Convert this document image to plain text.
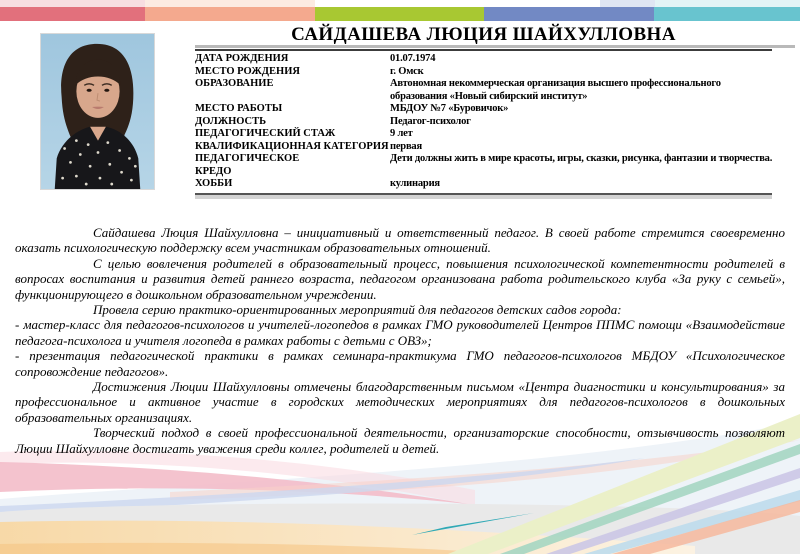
САЙДАШЕВА ЛЮЦИЯ ШАЙХУЛЛОВНА
ДАТА РОЖДЕНИЯ	01.07.1974
МЕСТО РОЖДЕНИЯ	г. Омск
ОБРАЗОВАНИЕ	Автономная некоммерческая организация высшего профессионального
образования «Новый сибирский институт»
МЕСТО РАБОТЫ	МБДОУ №7 «Буровичок»
ДОЛЖНОСТЬ	Педагог-психолог
ПЕДАГОГИЧЕСКИЙ СТАЖ	9 лет
КВАЛИФИКАЦИОННАЯ КАТЕГОРИЯ первая
ПЕДАГОГИЧЕСКОЕ	Дети должны жить в мире красоты, игры, сказки, рисунка, фантазии и творчества.
КРЕДО
ХОББИ	кулинария

Сайдашева Люция Шайхулловна – инициативный и ответственный педагог. В своей работе стремится своевременно оказать психологическую поддержку всем участникам образовательных отношений.

С целью вовлечения родителей в образовательный процесс, повышения психологической компетентности родителей в вопросах воспитания и развития детей раннего возраста, педагогом организована работа родительского клуба «За руку с семьей», функционирующего в дошкольном образовательном учреждении.

Провела серию практико-ориентированных мероприятий для педагогов детских садов города:

- мастер-класс для педагогов-психологов и учителей-логопедов в рамках ГМО руководителей Центров ППМС помощи «Взаимодействие педагога-психолога и учителя логопеда в рамках работы с детьми с ОВЗ»;

- презентация педагогической практики в рамках семинара-практикума ГМО педагогов-психологов МБДОУ «Психологическое сопровождение педагогов».

Достижения Люции Шайхулловны отмечены благодарственным письмом «Центра диагностики и консультирования» за профессиональное и активное участие в городских методических мероприятиях для педагогов-психологов в дошкольных образовательных организациях.

Творческий подход в своей профессиональной деятельности, организаторские способности, отзывчивость позволяют Люции Шайхулловне достигать уважения среди коллег, родителей и детей.
